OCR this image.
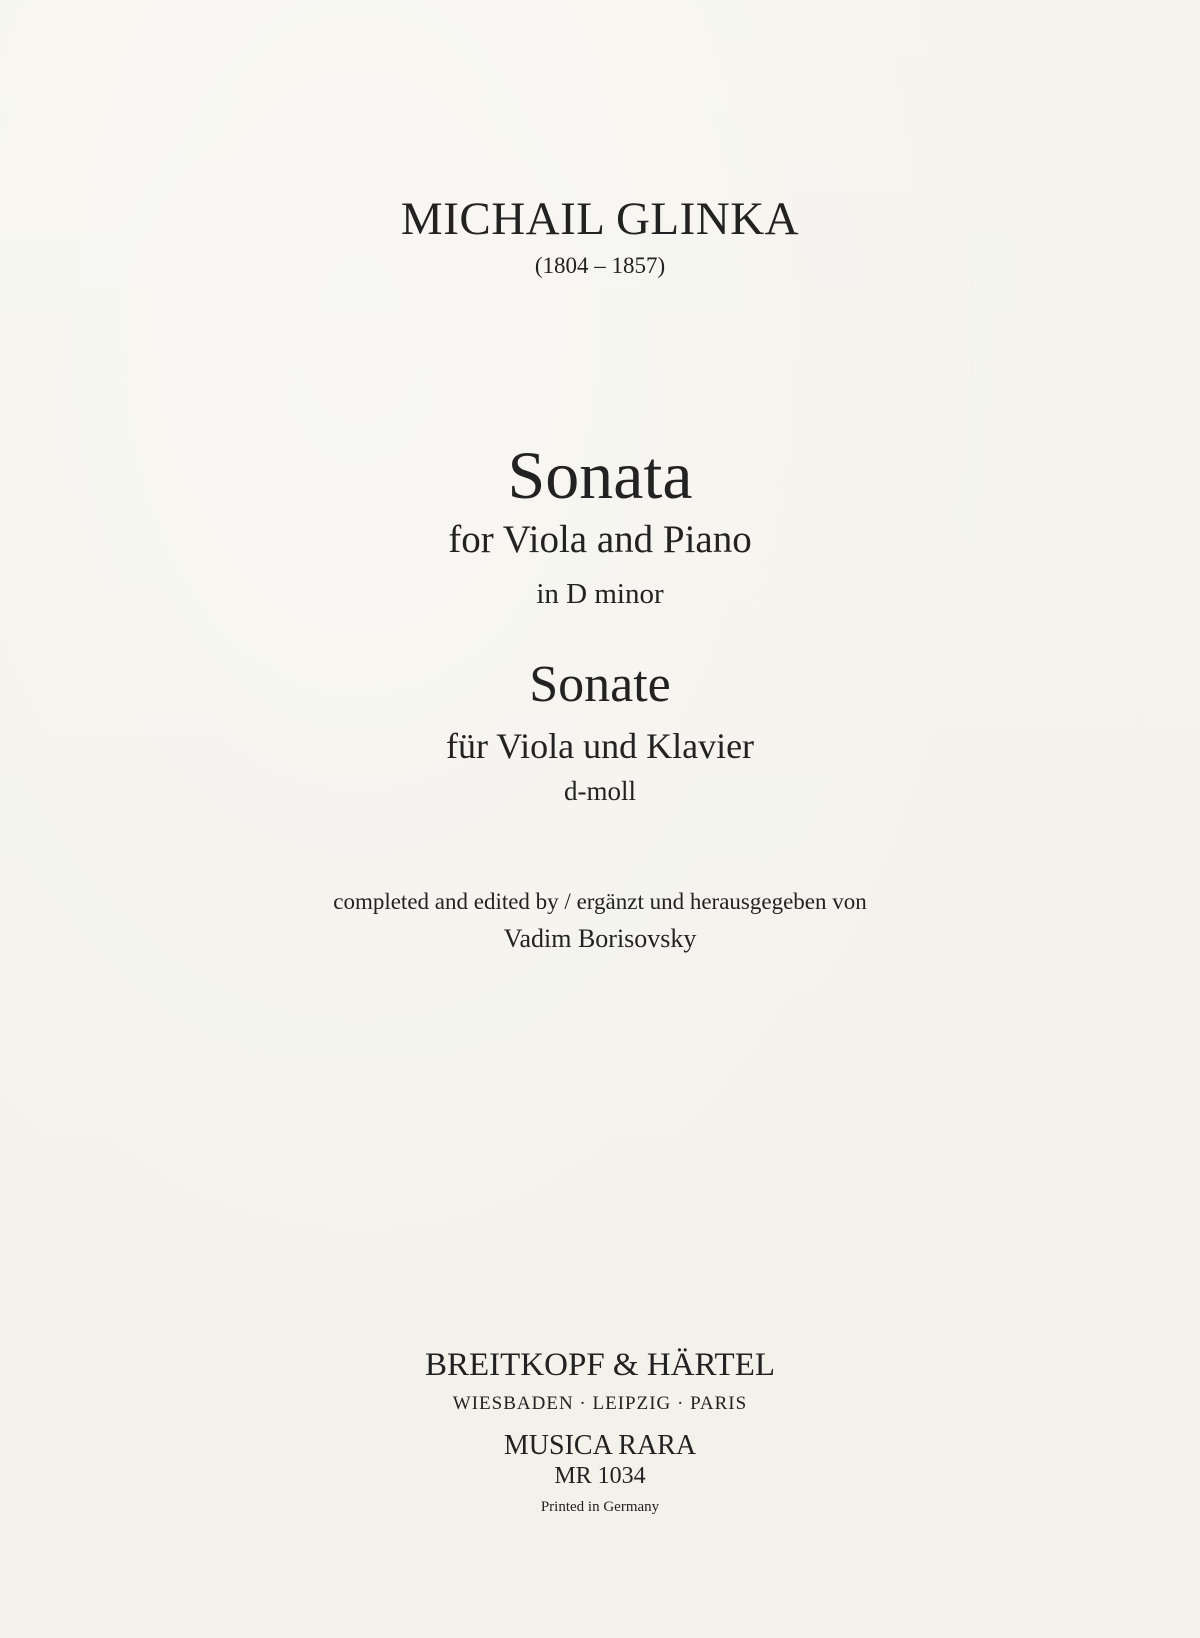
MICHAIL GLINKA
(1804 – 1857)
Sonata
for Viola and Piano
in D minor
Sonate
für Viola und Klavier
d-moll
completed and edited by / ergänzt und herausgegeben von
Vadim Borisovsky
BREITKOPF & HÄRTEL
WIESBADEN · LEIPZIG · PARIS
MUSICA RARA
MR 1034
Printed in Germany
